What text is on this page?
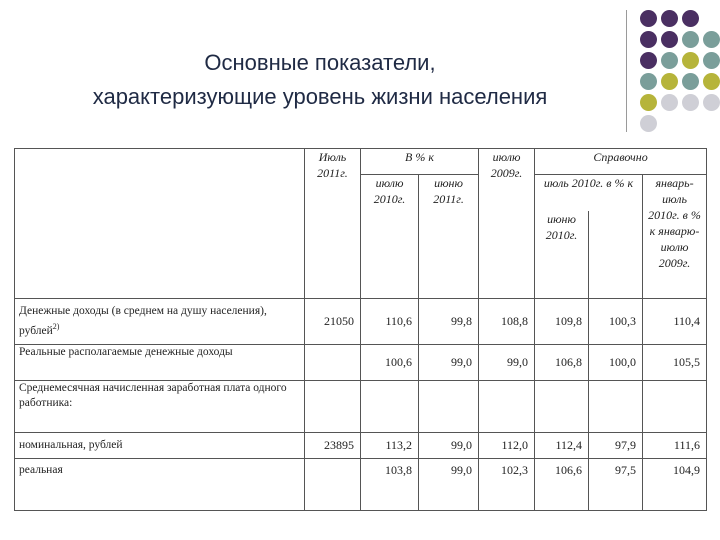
Основные показатели,
характеризующие уровень жизни населения
	Июль 2011г.	В % к		июлю 2009г.	Справочно		
		июлю 2010г.	июню 2011г.		июль 2010г. в % к		январь-июль 2010г. в % к январю-июлю 2009г.
					июню 2010г.		
Денежные доходы (в среднем на душу населения), рублей$^{2)}$	21050	110,6	99,8	108,8	109,8	100,3	110,4
Реальные располагаемые денежные доходы		100,6	99,0	99,0	106,8	100,0	105,5
Среднемесячная начисленная заработная плата одного работника:							
номинальная, рублей	23895	113,2	99,0	112,0	112,4	97,9	111,6
реальная		103,8	99,0	102,3	106,6	97,5	104,9
